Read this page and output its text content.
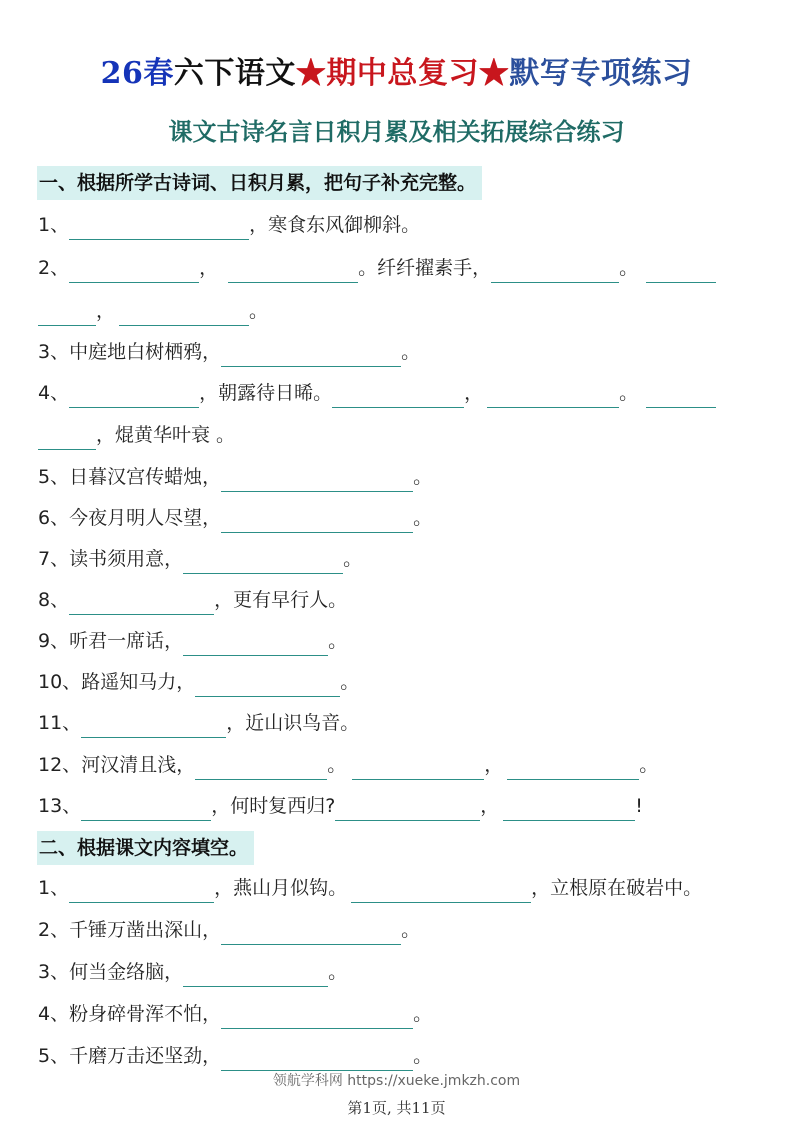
26春六下语文★期中总复习★默写专项练习
课文古诗名言日积月累及相关拓展综合练习
一、根据所学古诗词、日积月累，把句子补充完整。
1、	，寒食东风御柳斜。
2、	，	。纤纤擢素手，	。
，	。
3、中庭地白树栖鸦，	。
4、	，朝露待日晞。	，	。
，焜黄华叶衰 。
5、日暮汉宫传蜡烛，	。
6、今夜月明人尽望，	。
7、读书须用意，	。
8、	，更有早行人。
9、听君一席话，	。
10、路遥知马力，	。
11、	，近山识鸟音。
12、河汉清且浅，	。	，	。
13、	，何时复西归?	，	!
二、根据课文内容填空。
1、	，燕山月似钩。	，立根原在破岩中。
2、千锤万凿出深山，	。
3、何当金络脑，	。
4、粉身碎骨浑不怕，	。
5、千磨万击还坚劲，	。
领航学科网 https://xueke.jmkzh.com
第1页, 共11页
